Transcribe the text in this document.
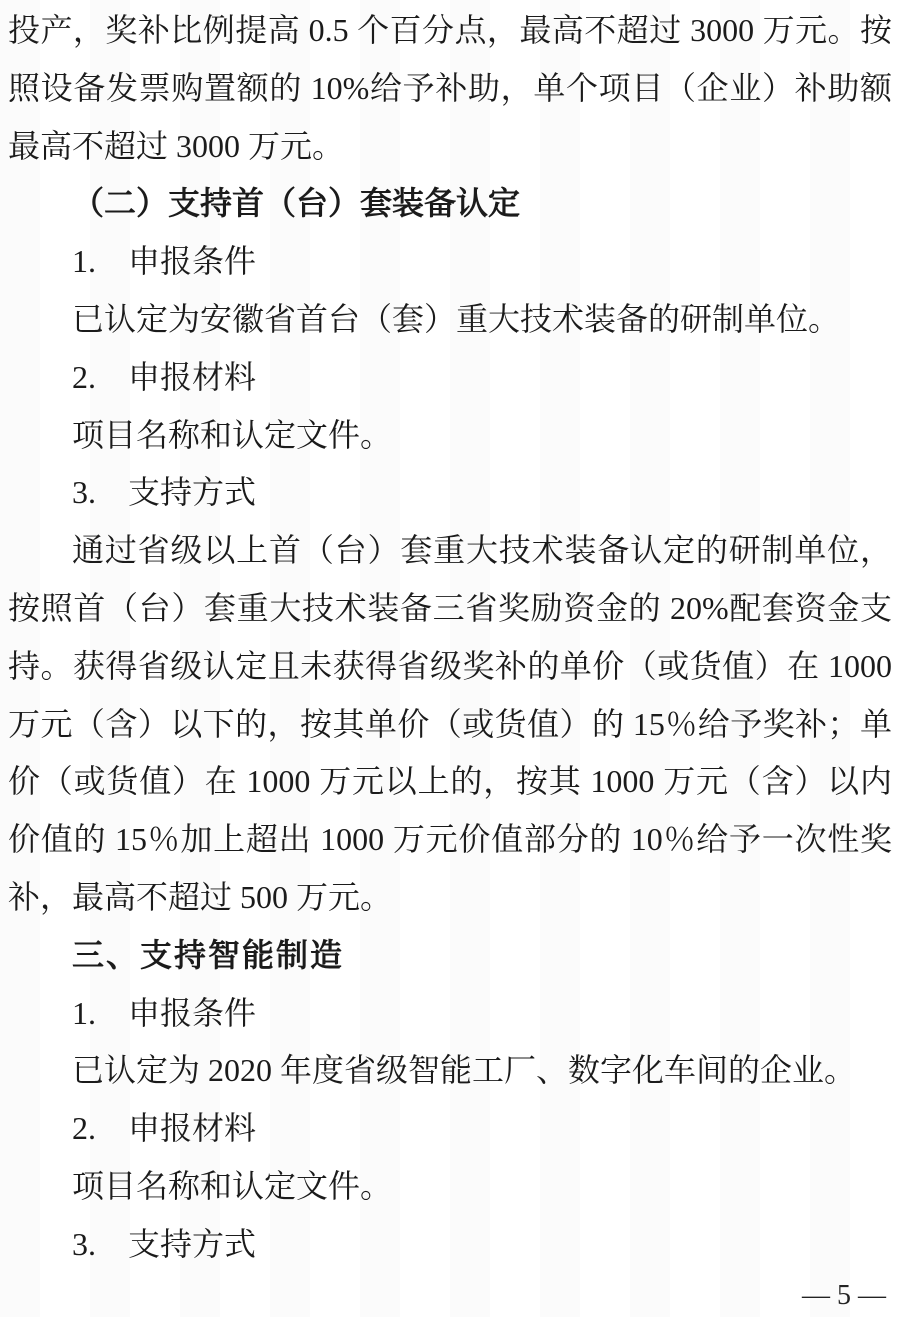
投产，奖补比例提高 0.5 个百分点，最高不超过 3000 万元。按照设备发票购置额的 10%给予补助，单个项目（企业）补助额最高不超过 3000 万元。

（二）支持首（台）套装备认定

1.　申报条件

已认定为安徽省首台（套）重大技术装备的研制单位。

2.　申报材料

项目名称和认定文件。

3.　支持方式

通过省级以上首（台）套重大技术装备认定的研制单位，按照首（台）套重大技术装备三省奖励资金的 20%配套资金支持。获得省级认定且未获得省级奖补的单价（或货值）在 1000 万元（含）以下的，按其单价（或货值）的 15％给予奖补；单价（或货值）在 1000 万元以上的，按其 1000 万元（含）以内价值的 15％加上超出 1000 万元价值部分的 10％给予一次性奖补，最高不超过 500 万元。

三、支持智能制造

1.　申报条件

已认定为 2020 年度省级智能工厂、数字化车间的企业。

2.　申报材料

项目名称和认定文件。

3.　支持方式

— 5 —
